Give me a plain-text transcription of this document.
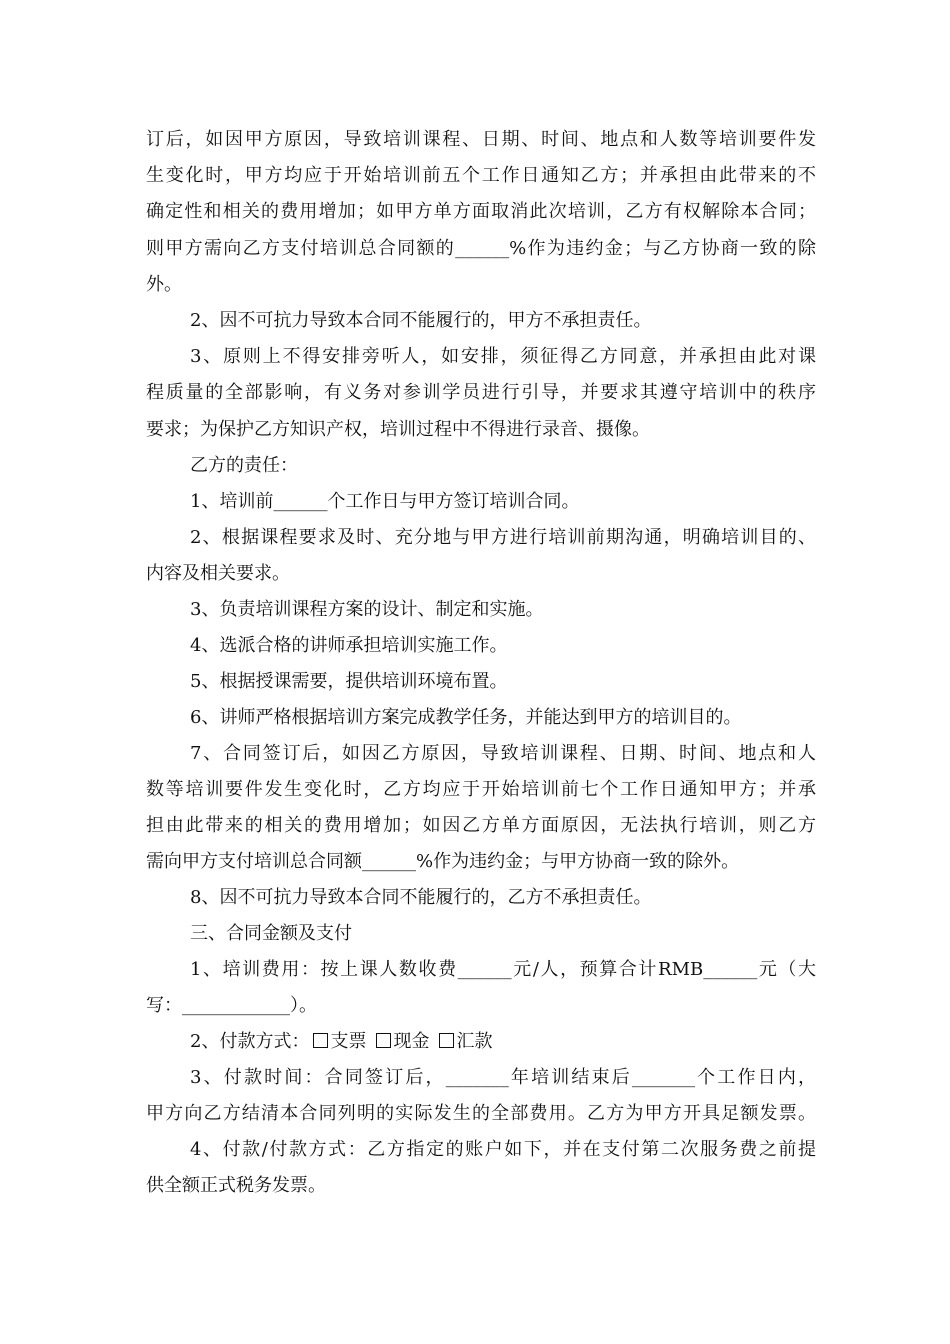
订后，如因甲方原因，导致培训课程、日期、时间、地点和人数等培训要件发
生变化时，甲方均应于开始培训前五个工作日通知乙方；并承担由此带来的不
确定性和相关的费用增加；如甲方单方面取消此次培训，乙方有权解除本合同；
则甲方需向乙方支付培训总合同额的______%作为违约金；与乙方协商一致的除
外。
2、因不可抗力导致本合同不能履行的，甲方不承担责任。
3、原则上不得安排旁听人，如安排，须征得乙方同意，并承担由此对课
程质量的全部影响，有义务对参训学员进行引导，并要求其遵守培训中的秩序
要求；为保护乙方知识产权，培训过程中不得进行录音、摄像。
乙方的责任：
1、培训前______个工作日与甲方签订培训合同。
2、根据课程要求及时、充分地与甲方进行培训前期沟通，明确培训目的、
内容及相关要求。
3、负责培训课程方案的设计、制定和实施。
4、选派合格的讲师承担培训实施工作。
5、根据授课需要，提供培训环境布置。
6、讲师严格根据培训方案完成教学任务，并能达到甲方的培训目的。
7、合同签订后，如因乙方原因，导致培训课程、日期、时间、地点和人
数等培训要件发生变化时，乙方均应于开始培训前七个工作日通知甲方；并承
担由此带来的相关的费用增加；如因乙方单方面原因，无法执行培训，则乙方
需向甲方支付培训总合同额______%作为违约金；与甲方协商一致的除外。
8、因不可抗力导致本合同不能履行的，乙方不承担责任。
三、合同金额及支付
1、培训费用：按上课人数收费______元/人，预算合计RMB______元（大
写：____________）。
2、付款方式： 支票 现金 汇款
3、付款时间：合同签订后，_______年培训结束后_______个工作日内，
甲方向乙方结清本合同列明的实际发生的全部费用。乙方为甲方开具足额发票。
4、付款/付款方式：乙方指定的账户如下，并在支付第二次服务费之前提
供全额正式税务发票。
